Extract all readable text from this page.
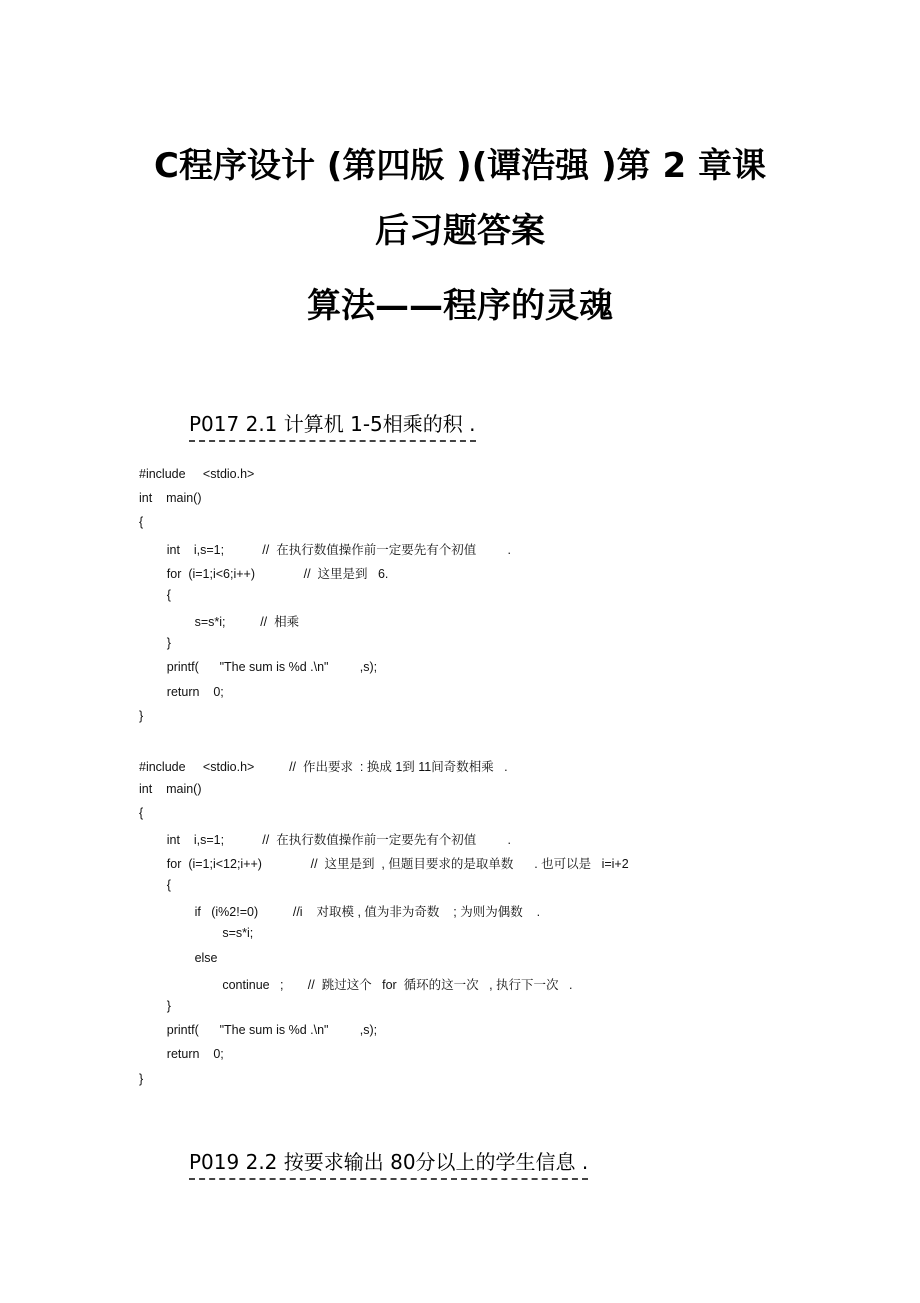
C程序设计 (第四版 )(谭浩强 )第 2 章课
后习题答案
算法——程序的灵魂
P017 2.1 计算机 1-5相乘的积 .
#include     <stdio.h>
int    main()
{
int    i,s=1;           //  在执行数值操作前一定要先有个初值         .
for  (i=1;i<6;i++)              //  这里是到   6.
{
s=s*i;          //  相乘
}
printf(      "The sum is %d .\n"         ,s);
return    0;
}
#include     <stdio.h>          //  作出要求  : 换成 1到 11间奇数相乘   .
int    main()
{
int    i,s=1;           //  在执行数值操作前一定要先有个初值         .
for  (i=1;i<12;i++)              //  这里是到  , 但题目要求的是取单数      . 也可以是   i=i+2
{
if   (i%2!=0)          //i    对取模 , 值为非为奇数    ; 为则为偶数    .
s=s*i;
else
continue   ;       //  跳过这个   for  循环的这一次   , 执行下一次   .
}
printf(      "The sum is %d .\n"         ,s);
return    0;
}
P019 2.2 按要求输出 80分以上的学生信息 .
